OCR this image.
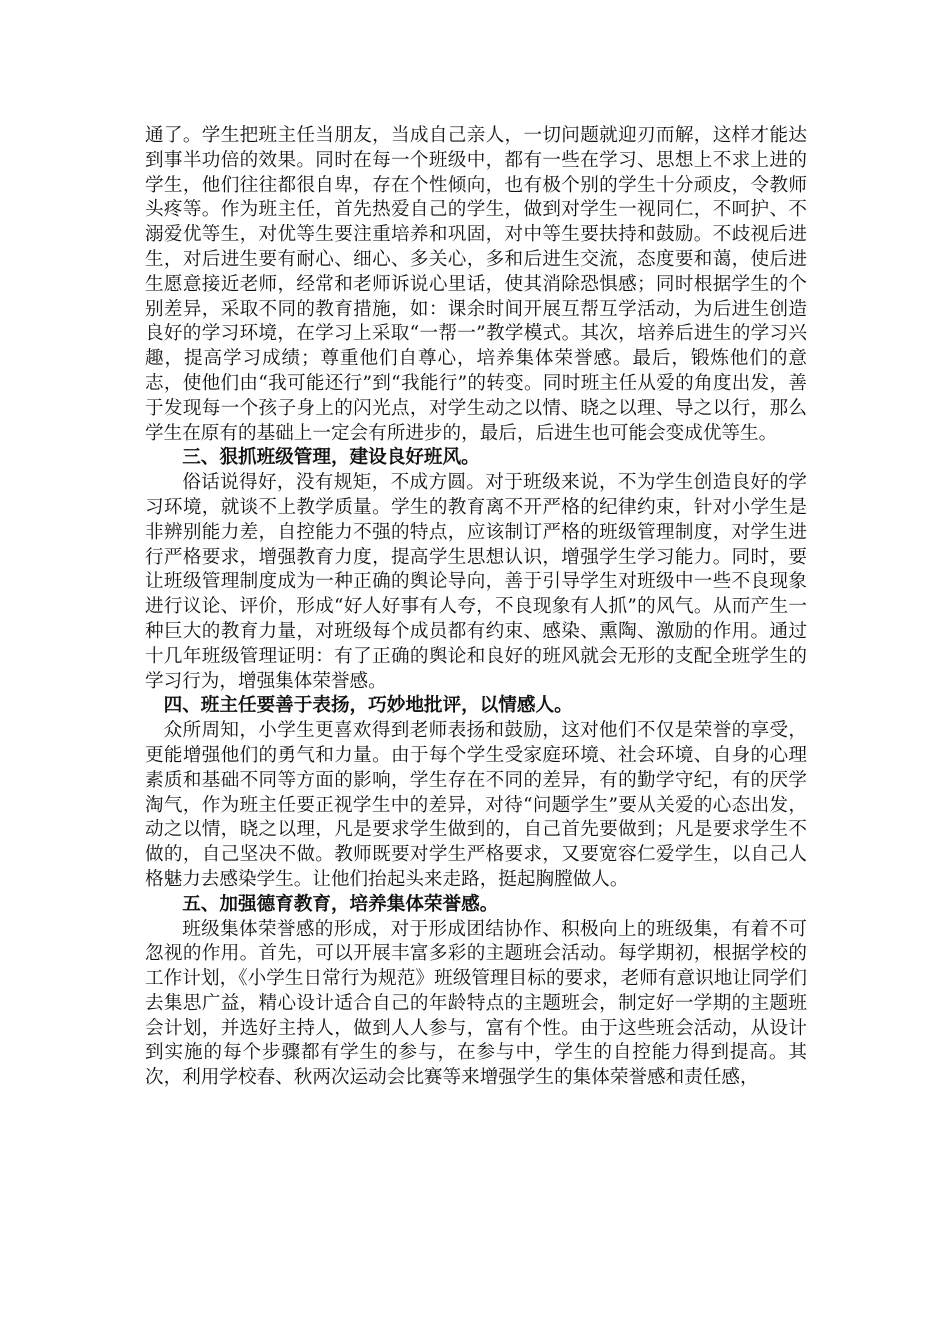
通了。学生把班主任当朋友，当成自己亲人，一切问题就迎刃而解，这样才能达到事半功倍的效果。同时在每一个班级中，都有一些在学习、思想上不求上进的学生，他们往往都很自卑，存在个性倾向，也有极个别的学生十分顽皮，令教师头疼等。作为班主任，首先热爱自己的学生，做到对学生一视同仁，不呵护、不溺爱优等生，对优等生要注重培养和巩固，对中等生要扶持和鼓励。不歧视后进生，对后进生要有耐心、细心、多关心，多和后进生交流，态度要和蔼，使后进生愿意接近老师，经常和老师诉说心里话，使其消除恐惧感；同时根据学生的个别差异，采取不同的教育措施，如：课余时间开展互帮互学活动，为后进生创造良好的学习环境，在学习上采取“一帮一”教学模式。其次，培养后进生的学习兴趣，提高学习成绩；尊重他们自尊心，培养集体荣誉感。最后，锻炼他们的意志，使他们由“我可能还行”到“我能行”的转变。同时班主任从爱的角度出发，善于发现每一个孩子身上的闪光点，对学生动之以情、晓之以理、导之以行，那么学生在原有的基础上一定会有所进步的，最后，后进生也可能会变成优等生。

三、狠抓班级管理，建设良好班风。

俗话说得好，没有规矩，不成方圆。对于班级来说，不为学生创造良好的学习环境，就谈不上教学质量。学生的教育离不开严格的纪律约束，针对小学生是非辨别能力差，自控能力不强的特点，应该制订严格的班级管理制度，对学生进行严格要求，增强教育力度，提高学生思想认识，增强学生学习能力。同时，要让班级管理制度成为一种正确的舆论导向，善于引导学生对班级中一些不良现象进行议论、评价，形成“好人好事有人夸，不良现象有人抓”的风气。从而产生一种巨大的教育力量，对班级每个成员都有约束、感染、熏陶、激励的作用。通过十几年班级管理证明：有了正确的舆论和良好的班风就会无形的支配全班学生的学习行为，增强集体荣誉感。

四、班主任要善于表扬，巧妙地批评，以情感人。

众所周知，小学生更喜欢得到老师表扬和鼓励，这对他们不仅是荣誉的享受，更能增强他们的勇气和力量。由于每个学生受家庭环境、社会环境、自身的心理素质和基础不同等方面的影响，学生存在不同的差异，有的勤学守纪，有的厌学淘气，作为班主任要正视学生中的差异，对待“问题学生”要从关爱的心态出发，动之以情，晓之以理，凡是要求学生做到的，自己首先要做到；凡是要求学生不做的，自己坚决不做。教师既要对学生严格要求，又要宽容仁爱学生，以自己人格魅力去感染学生。让他们抬起头来走路，挺起胸膛做人。

五、加强德育教育，培养集体荣誉感。

班级集体荣誉感的形成，对于形成团结协作、积极向上的班级集，有着不可忽视的作用。首先，可以开展丰富多彩的主题班会活动。每学期初，根据学校的工作计划，《小学生日常行为规范》班级管理目标的要求，老师有意识地让同学们去集思广益，精心设计适合自己的年龄特点的主题班会，制定好一学期的主题班会计划，并选好主持人，做到人人参与，富有个性。由于这些班会活动，从设计到实施的每个步骤都有学生的参与，在参与中，学生的自控能力得到提高。其次，利用学校春、秋两次运动会比赛等来增强学生的集体荣誉感和责任感，
